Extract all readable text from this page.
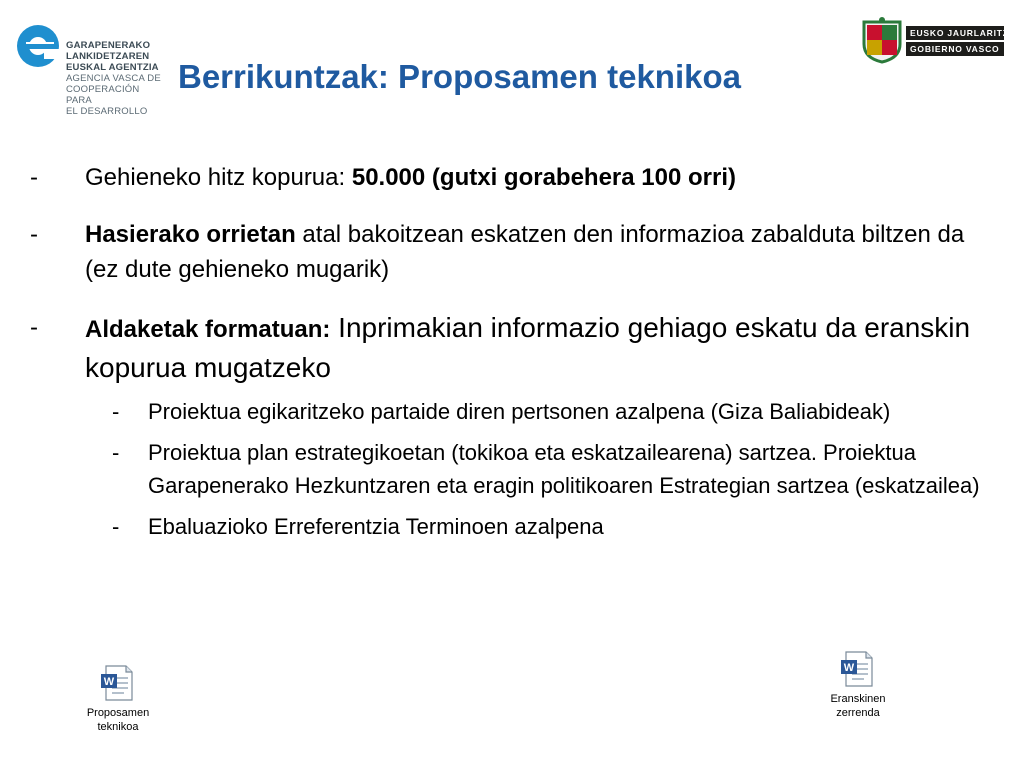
GARAPENERAKO
LANKIDETZAREN
EUSKAL AGENTZIA
AGENCIA VASCA DE
COOPERACIÓN PARA
EL DESARROLLO
EUSKO JAURLARITZA
GOBIERNO VASCO
Berrikuntzak: Proposamen teknikoa
- Gehieneko hitz kopurua: 50.000 (gutxi gorabehera 100 orri)
- Hasierako orrietan atal bakoitzean eskatzen den informazioa zabalduta biltzen da (ez dute gehieneko mugarik)
- Aldaketak formatuan: Inprimakian informazio gehiago eskatu da eranskin kopurua mugatzeko
- Proiektua egikaritzeko partaide diren pertsonen azalpena (Giza Baliabideak)
- Proiektua plan estrategikoetan (tokikoa eta eskatzailearena) sartzea. Proiektua Garapenerako Hezkuntzaren eta eragin politikoaren Estrategian sartzea (eskatzailea)
- Ebaluazioko Erreferentzia Terminoen azalpena
W
Proposamen
teknikoa
W
Eranskinen
zerrenda
